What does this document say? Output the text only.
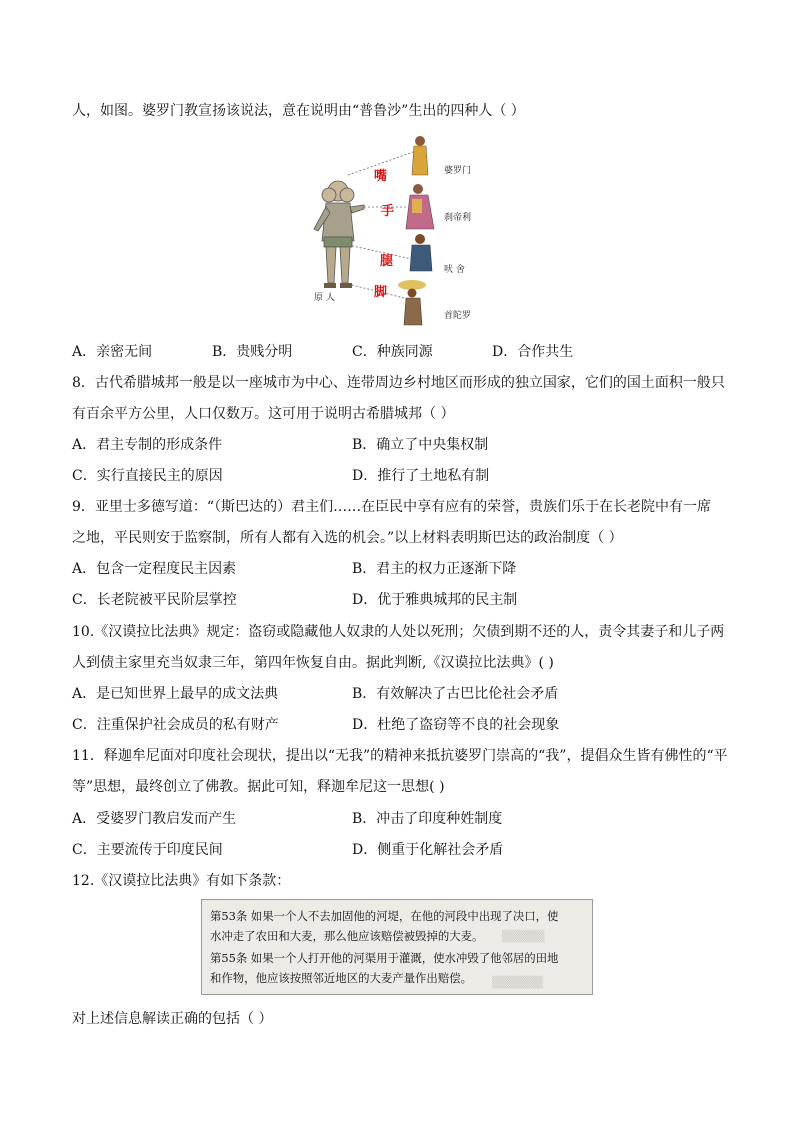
人，如图。婆罗门教宣扬该说法，意在说明由“普鲁沙”生出的四种人（ ）
嘴
手
腿
脚
婆罗门
刹帝利
吠 舍
首陀罗
原 人
A．亲密无间	B．贵贱分明	C．种族同源	D．合作共生
8．古代希腊城邦一般是以一座城市为中心、连带周边乡村地区而形成的独立国家，它们的国土面积一般只
有百余平方公里，人口仅数万。这可用于说明古希腊城邦（ ）
A．君主专制的形成条件	B．确立了中央集权制
C．实行直接民主的原因	D．推行了土地私有制
9．亚里士多德写道：“（斯巴达的）君主们……在臣民中享有应有的荣誉，贵族们乐于在长老院中有一席
之地，平民则安于监察制，所有人都有入选的机会。”以上材料表明斯巴达的政治制度（ ）
A．包含一定程度民主因素	B．君主的权力正逐渐下降
C．长老院被平民阶层掌控	D．优于雅典城邦的民主制
10.《汉谟拉比法典》规定：盗窃或隐藏他人奴隶的人处以死刑；欠债到期不还的人，责令其妻子和儿子两
人到债主家里充当奴隶三年，第四年恢复自由。据此判断,《汉谟拉比法典》( )
A．是已知世界上最早的成文法典	B．有效解决了古巴比伦社会矛盾
C．注重保护社会成员的私有财产	D．杜绝了盗窃等不良的社会现象
11．释迦牟尼面对印度社会现状，提出以“无我”的精神来抵抗婆罗门崇高的“我”，提倡众生皆有佛性的“平
等”思想，最终创立了佛教。据此可知，释迦牟尼这一思想( )
A．受婆罗门教启发而产生	B．冲击了印度种姓制度
C．主要流传于印度民间	D．侧重于化解社会矛盾
12.《汉谟拉比法典》有如下条款：
▒▒▒▒▒
▒▒▒▒▒▒
第53条 如果一个人不去加固他的河堤，在他的河段中出现了决口，使
水冲走了农田和大麦，那么他应该赔偿被毁掉的大麦。
第55条 如果一个人打开他的河渠用于灌溉，使水冲毁了他邻居的田地
和作物，他应该按照邻近地区的大麦产量作出赔偿。
对上述信息解读正确的包括（ ）
